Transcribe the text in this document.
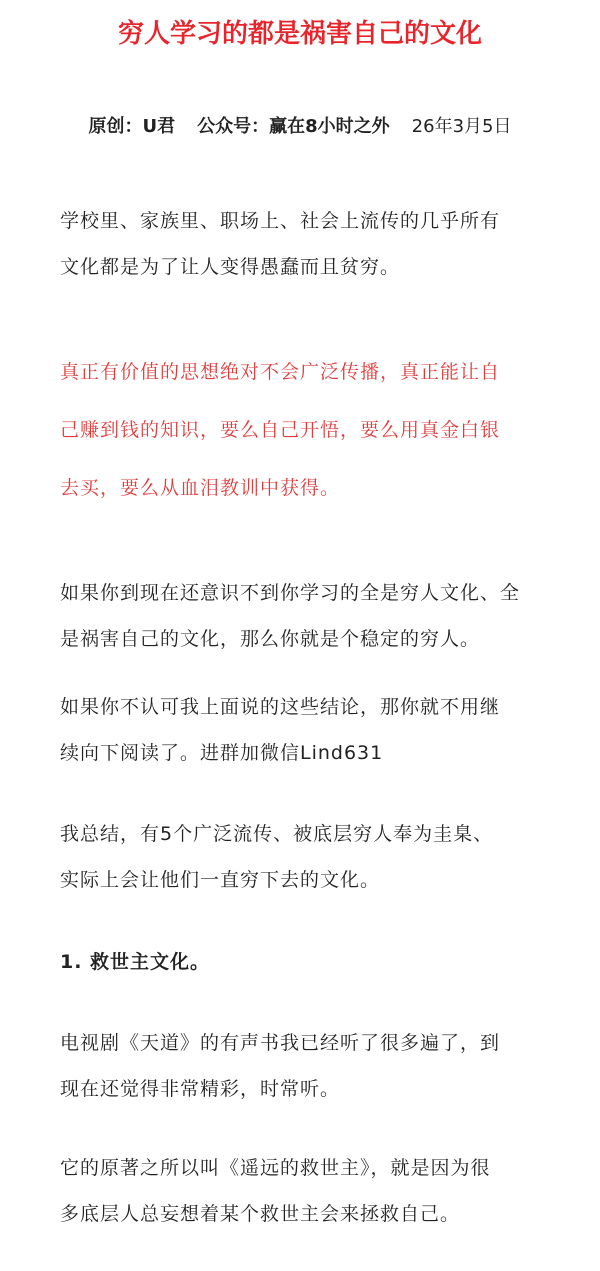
穷人学习的都是祸害自己的文化
原创：U君 公众号：赢在8小时之外 26年3月5日
学校里、家族里、职场上、社会上流传的几乎所有
文化都是为了让人变得愚蠢而且贫穷。
真正有价值的思想绝对不会广泛传播，真正能让自
己赚到钱的知识，要么自己开悟，要么用真金白银
去买，要么从血泪教训中获得。
如果你到现在还意识不到你学习的全是穷人文化、全
是祸害自己的文化，那么你就是个稳定的穷人。
如果你不认可我上面说的这些结论，那你就不用继
续向下阅读了。进群加微信Lind631
我总结，有5个广泛流传、被底层穷人奉为圭臬、
实际上会让他们一直穷下去的文化。
1. 救世主文化。
电视剧《天道》的有声书我已经听了很多遍了，到
现在还觉得非常精彩，时常听。
它的原著之所以叫《遥远的救世主》，就是因为很
多底层人总妄想着某个救世主会来拯救自己。
